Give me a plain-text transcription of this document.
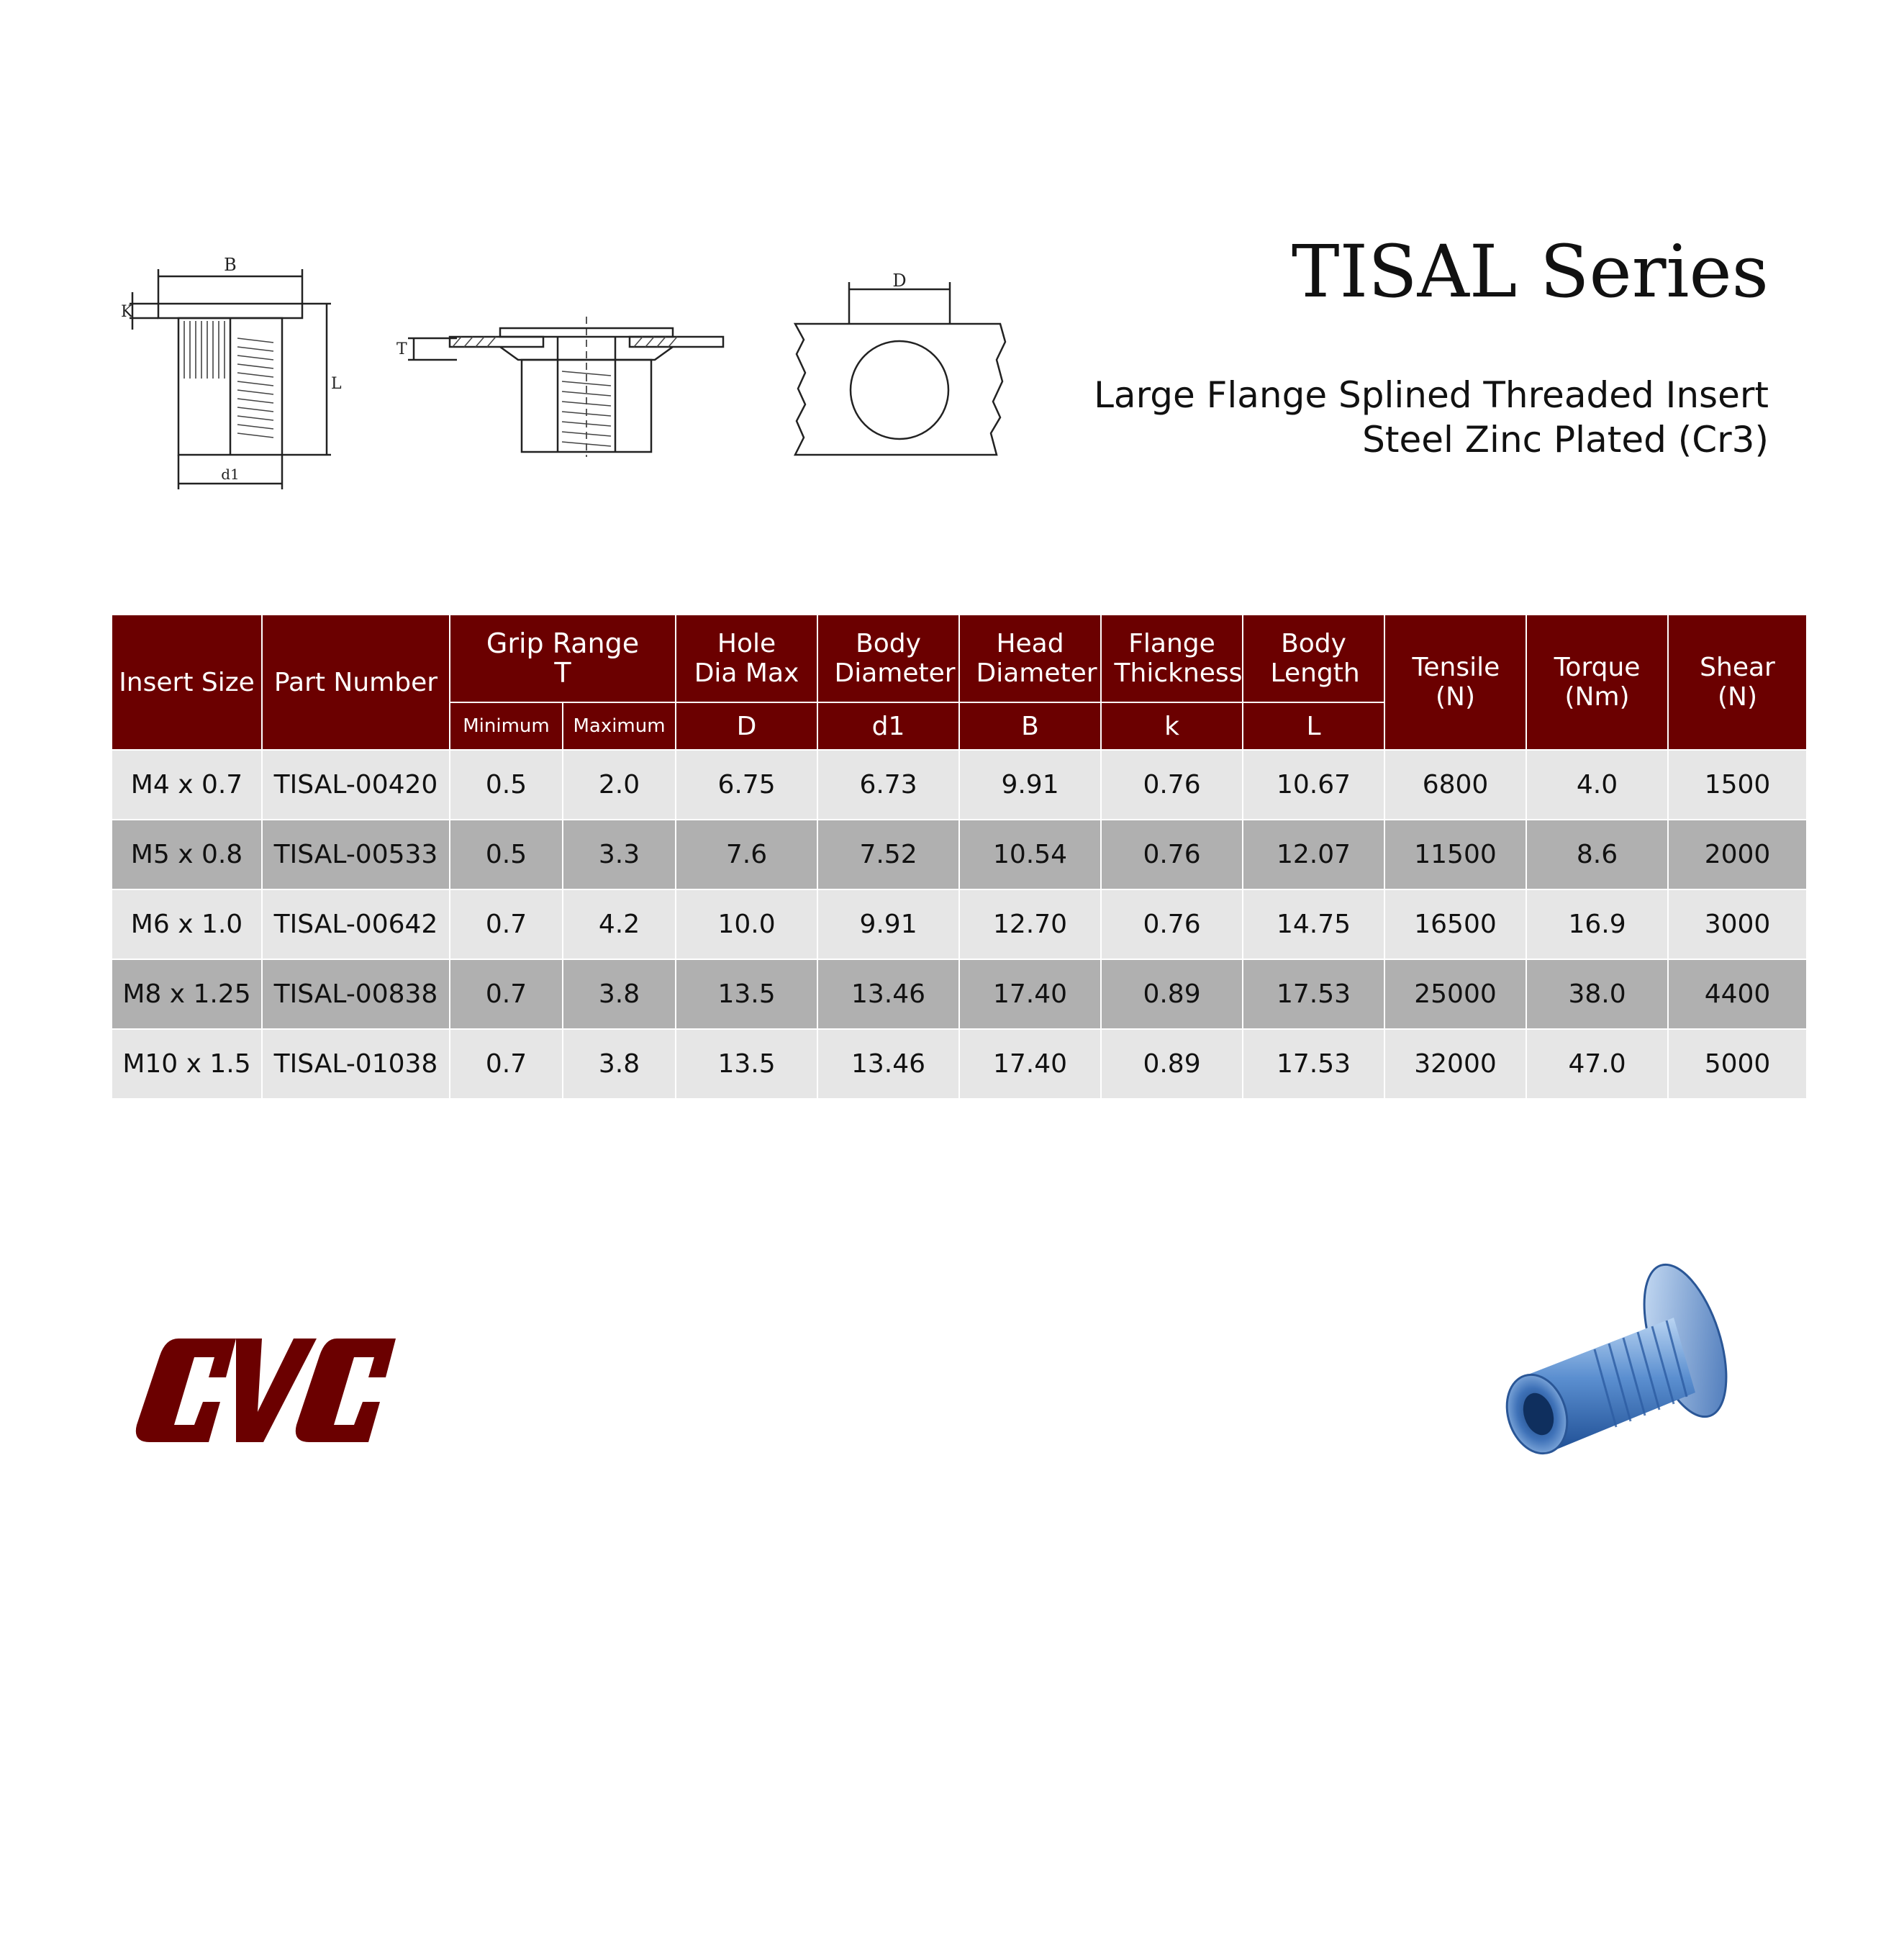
TISAL Series
Large Flange Splined Threaded Insert
Steel Zinc Plated (Cr3)
B
K
L
d1
T
D
Insert Size	Part Number	Grip Range
T		Hole Dia Max	Body Diameter	Head Diameter	Flange Thickness	Body Length	Tensile (N)	Torque (Nm)	Shear (N)

		Minimum	Maximum	D	d1	B	k	L			
M4 x 0.7	TISAL-00420	0.5	2.0	6.75	6.73	9.91	0.76	10.67	6800	4.0	1500
M5 x 0.8	TISAL-00533	0.5	3.3	7.6	7.52	10.54	0.76	12.07	11500	8.6	2000
M6 x 1.0	TISAL-00642	0.7	4.2	10.0	9.91	12.70	0.76	14.75	16500	16.9	3000
M8 x 1.25	TISAL-00838	0.7	3.8	13.5	13.46	17.40	0.89	17.53	25000	38.0	4400
M10 x 1.5	TISAL-01038	0.7	3.8	13.5	13.46	17.40	0.89	17.53	32000	47.0	5000
